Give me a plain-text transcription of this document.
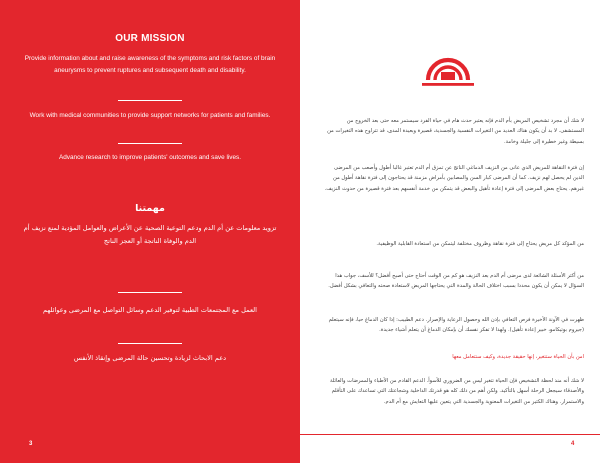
OUR MISSION
Provide information about and raise awareness of the symptoms and risk factors of brain aneurysms to prevent ruptures and subsequent death and disability.
Work with medical communities to provide support networks for patients and families.
Advance research to improve patients' outcomes and save lives.
مهمتنا
تزويد معلومات عن أم الدم ودعم التوعية الصحية عن الأعراض والعوامل المؤدية لمنع نزيف أم الدم والوفاة الناتجة أو العجز الناتج
العمل مع المجتمعات الطبية لتوفير الدعم وسائل التواصل مع المرضى وعوائلهم
دعم الابحاث لزيادة وتحسين حالة المرضى وإنقاذ الأنفس
3
لا شك أن مجرد تشخيص المريض بأم الدم فإنه يعتبر حدث هام في حياة الفرد سيستمر معه حتى بعد الخروج من المستشفى. لا بد أن يكون هناك العديد من التغيرات النفسية والجسدية، قصيرة وبعيدة المدى، قد تتراوح هذه التغيرات من بسيطة وغير خطيرة إلى جليلة وخامة.
إن فترة النقاهة للمريض الذي عانى من النزيف الدماغي الناتج عن تمزق أم الدم تعتبر غالبا أطول وأصعب من المرضى الذين لم يحصل لهم نزيف. كما أن المرضى كبار السن والمصابين بأمراض مزمنة قد يحتاجون إلى فترة نقاهة أطول من غيرهم. يحتاج بعض المرضى إلى فترة إعادة تأهيل والبعض قد يتمكن من خدمة أنفسهم بعد فترة قصيرة من حدوث النزيف.
من المؤكد كل مريض يحتاج إلى فترة نقاهة وظروف مختلفة ليتمكن من استعادة القابلية الوظيفية.
من أكثر الأسئلة الشائعة لدى مرضى أم الدم بعد النزيف هو كم من الوقت أحتاج حتى أصبح أفضل؟ للأسف، جواب هذا السؤال لا يمكن أن يكون محددا بسبب اختلاف الحالة والمدة التي يحتاجها المريض لاستعادة صحته والتعافي بشكل أفضل.
ظهرت في الآونة الأخيرة فرص التعافي بإذن الله وحصول الرعاية والإصرار. دعم الطبيب: إذا كان الدماغ حيا، فإنه سيتعلم (جيروم بوتيكامو، خبير إعادة تأهيل). ولهذا لا تفكر نفسك أن بإمكان الدماغ أن يتعلم أشياء جديدة.
امن بأن الحياة ستتغير، إنها حقيقة جديدة، وكيف ستتعامل معها
لا شك أنه منذ لحظة التشخيص فإن الحياة تتغير ليس من الضروري للأسوأ. الدعم القادم من الأطباء والممرضات والعائلة والأصدقاء سيجعل الرحلة أسهل بالتأكيد. ولكن أهم من ذلك كله هو قدرتك الداخلية وشجاعتك التي تساعدك على التأقلم والاستمرار. وهناك الكثير من التغيرات المعنوية والجسدية التي يتعين عليها التعايش مع أم الدم.
4
